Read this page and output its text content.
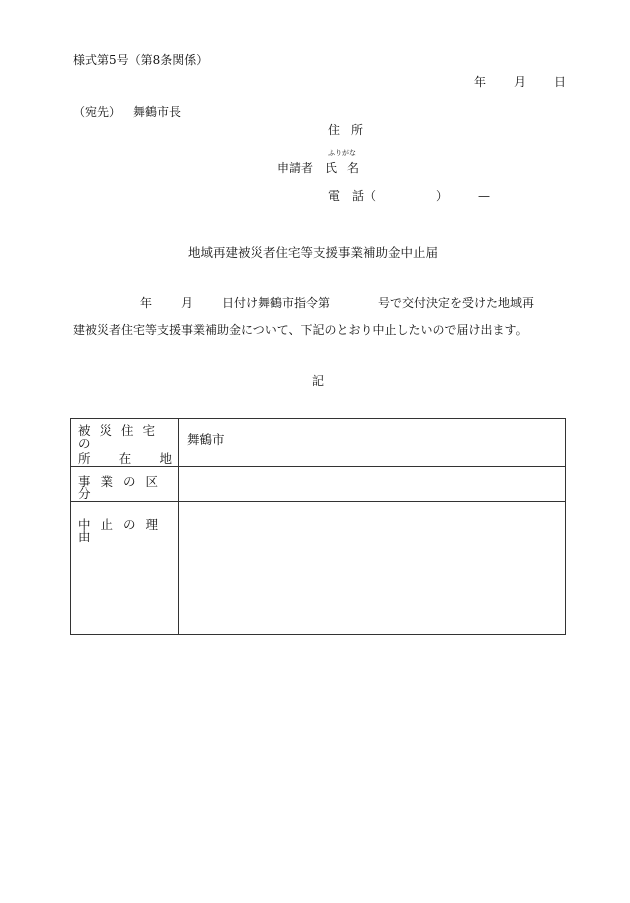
様式第5号（第8条関係）
年 月 日
（宛先） 舞鶴市長
住所
ふりがな
申請者 氏名
電　話（　　　　　）　　　—
地域再建被災者住宅等支援事業補助金中止届
年 月 日付け舞鶴市指令第	号で交付決定を受けた地域再
建被災者住宅等支援事業補助金について、下記のとおり中止したいので届け出ます。
記
被災住宅の
所 在 地	舞鶴市

事業の区分	

中止の理由	
